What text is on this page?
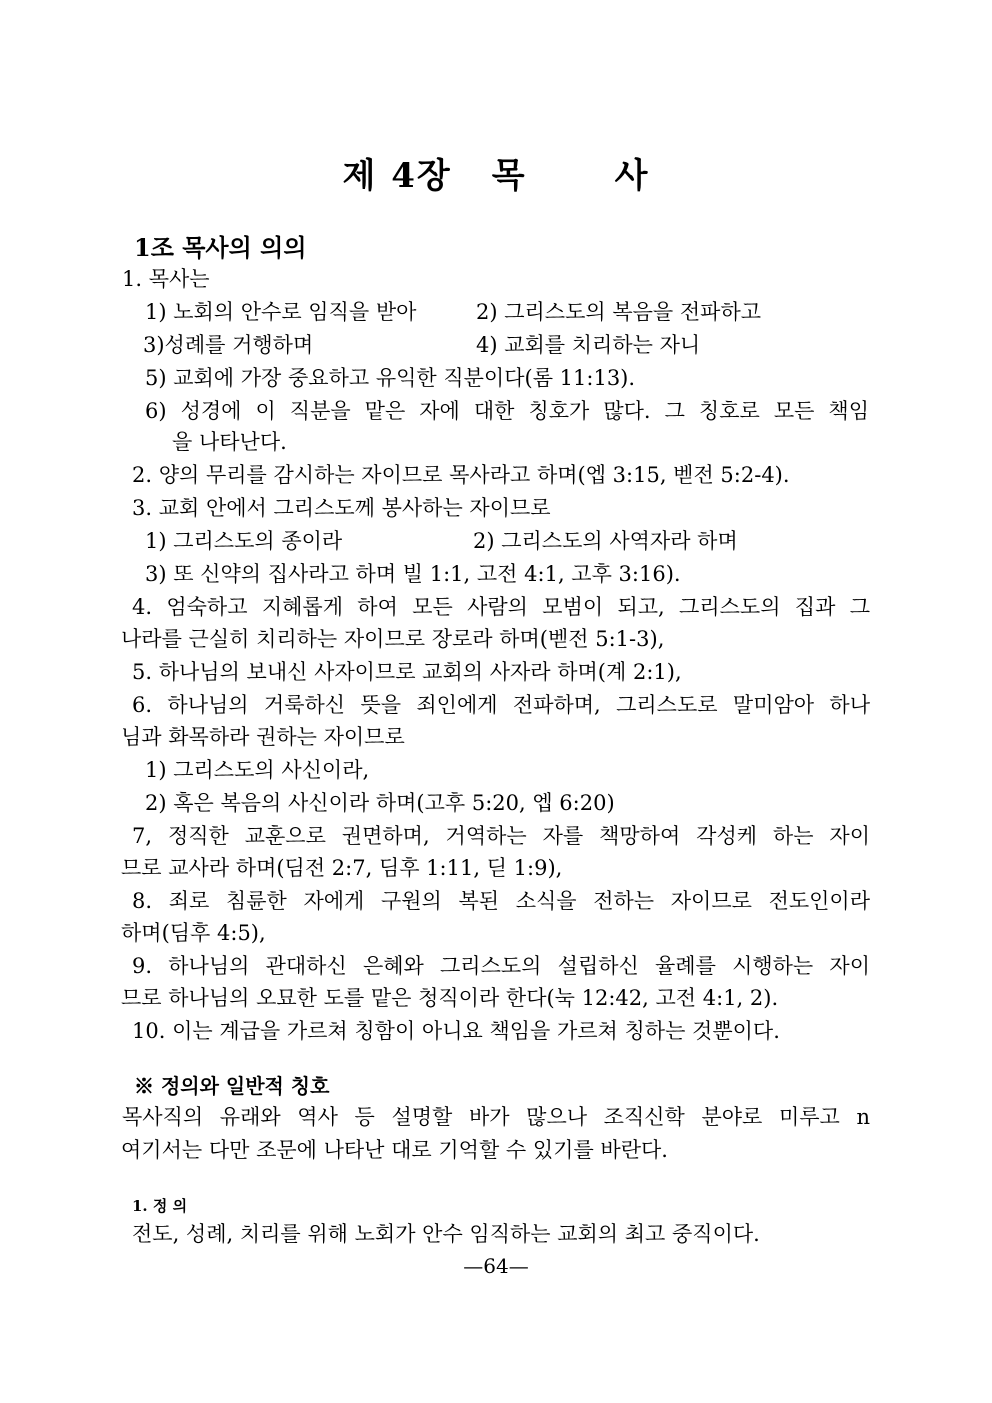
제 4장 목	사
1조 목사의 의의
1. 목사는
1) 노회의 안수로 임직을 받아	2) 그리스도의 복음을 전파하고
3)성례를 거행하며	4) 교회를 치리하는 자니
5) 교회에 가장 중요하고 유익한 직분이다(롬 11:13).
6) 성경에 이 직분을 맡은 자에 대한 칭호가 많다. 그 칭호로 모든 책임
을 나타난다.
2. 양의 무리를 감시하는 자이므로 목사라고 하며(엡 3:15, 벧전 5:2-4).
3. 교회 안에서 그리스도께 봉사하는 자이므로
1) 그리스도의 종이라	2) 그리스도의 사역자라 하며
3) 또 신약의 집사라고 하며 빌 1:1, 고전 4:1, 고후 3:16).
4. 엄숙하고 지혜롭게 하여 모든 사람의 모범이 되고, 그리스도의 집과 그
나라를 근실히 치리하는 자이므로 장로라 하며(벧전 5:1-3),
5. 하나님의 보내신 사자이므로 교회의 사자라 하며(계 2:1),
6. 하나님의 거룩하신 뜻을 죄인에게 전파하며, 그리스도로 말미암아 하나
님과 화목하라 권하는 자이므로
1) 그리스도의 사신이라,
2) 혹은 복음의 사신이라 하며(고후 5:20, 엡 6:20)
7, 정직한 교훈으로 권면하며, 거역하는 자를 책망하여 각성케 하는 자이
므로 교사라 하며(딤전 2:7, 딤후 1:11, 딛 1:9),
8. 죄로 침륜한 자에게 구원의 복된 소식을 전하는 자이므로 전도인이라
하며(딤후 4:5),
9. 하나님의 관대하신 은혜와 그리스도의 설립하신 율례를 시행하는 자이
므로 하나님의 오묘한 도를 맡은 청직이라 한다(눅 12:42, 고전 4:1, 2).
10. 이는 계급을 가르쳐 칭함이 아니요 책임을 가르쳐 칭하는 것뿐이다.
※ 정의와 일반적 칭호
목사직의 유래와 역사 등 설명할 바가 많으나 조직신학 분야로 미루고 n
여기서는 다만 조문에 나타난 대로 기억할 수 있기를 바란다.
1. 정 의
전도, 성례, 치리를 위해 노회가 안수 임직하는 교회의 최고 중직이다.
—64—
